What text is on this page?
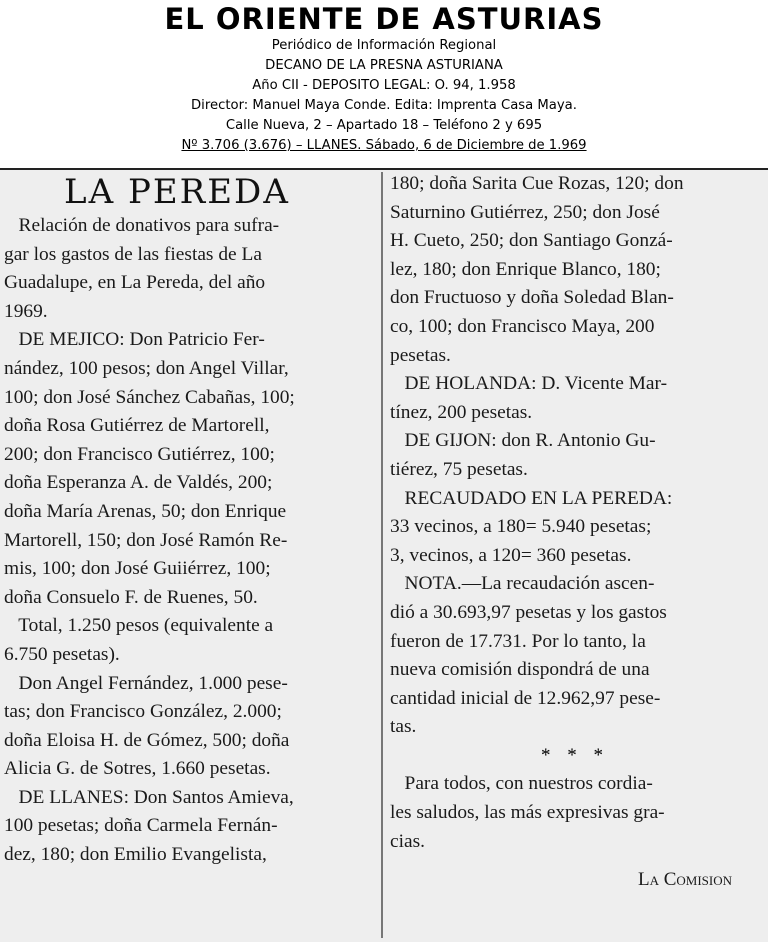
EL ORIENTE DE ASTURIAS
Periódico de Información Regional
DECANO DE LA PRESNA ASTURIANA
Año CII - DEPOSITO LEGAL: O. 94, 1.958
Director: Manuel Maya Conde. Edita: Imprenta Casa Maya.
Calle Nueva, 2 – Apartado 18 – Teléfono 2 y 695
Nº 3.706 (3.676) – LLANES. Sábado, 6 de Diciembre de 1.969
LA PEREDA
Relación de donativos para sufra-
gar los gastos de las fiestas de La
Guadalupe, en La Pereda, del año
1969.
DE MEJICO: Don Patricio Fer-
nández, 100 pesos; don Angel Villar,
100; don José Sánchez Cabañas, 100;
doña Rosa Gutiérrez de Martorell,
200; don Francisco Gutiérrez, 100;
doña Esperanza A. de Valdés, 200;
doña María Arenas, 50; don Enrique
Martorell, 150; don José Ramón Re-
mis, 100; don José Guiiérrez, 100;
doña Consuelo F. de Ruenes, 50.
Total, 1.250 pesos (equivalente a
6.750 pesetas).
Don Angel Fernández, 1.000 pese-
tas; don Francisco González, 2.000;
doña Eloisa H. de Gómez, 500; doña
Alicia G. de Sotres, 1.660 pesetas.
DE LLANES: Don Santos Amieva,
100 pesetas; doña Carmela Fernán-
dez, 180; don Emilio Evangelista,
180; doña Sarita Cue Rozas, 120; don
Saturnino Gutiérrez, 250; don José
H. Cueto, 250; don Santiago Gonzá-
lez, 180; don Enrique Blanco, 180;
don Fructuoso y doña Soledad Blan-
co, 100; don Francisco Maya, 200
pesetas.
DE HOLANDA: D. Vicente Mar-
tínez, 200 pesetas.
DE GIJON: don R. Antonio Gu-
tiérez, 75 pesetas.
RECAUDADO EN LA PEREDA:
33 vecinos, a 180= 5.940 pesetas;
3, vecinos, a 120= 360 pesetas.
NOTA.—La recaudación ascen-
dió a 30.693,97 pesetas y los gastos
fueron de 17.731. Por lo tanto, la
nueva comisión dispondrá de una
cantidad inicial de 12.962,97 pese-
tas.
* * *
Para todos, con nuestros cordia-
les saludos, las más expresivas gra-
cias.
La Comision
